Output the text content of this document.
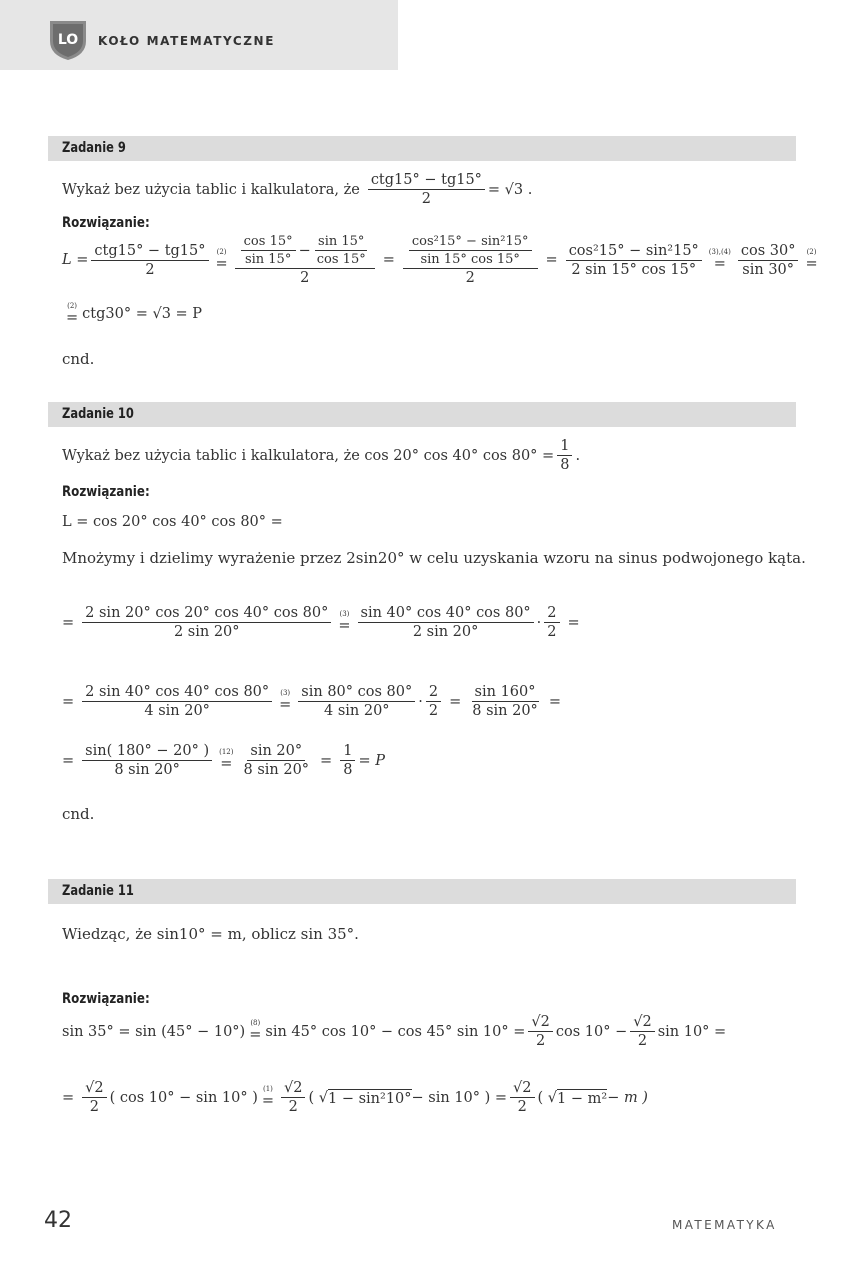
LO KOŁO MATEMATYCZNE
Zadanie 9
Wykaż bez użycia tablic i kalkulatora, że
ctg15° − tg15°
2
= √3 .
Rozwiązanie:
L =
ctg15° − tg15°
2
(2)
= cos 15°
sin 15°
− $\frac{\sin 15^\circ}{\cos 15^\circ}$
$2 = \frac{\frac{\text{cos²15° − sin²15°}}{\sin 15^\circ \cos 15^\circ}}{2} = \frac{\text{cos²15° − sin²15°}}{2 \sin 15^\circ \cos 15^\circ} (3),(4)$
= $\frac{\cos 30^\circ}{\sin 30^\circ} (2)$
=
(2)
= ctg30° = √3 = P
cnd.
Zadanie 10
Wykaż bez użycia tablic i kalkulatora, że cos 20° cos 40° $\cos 80^\circ = \frac{1}{8}$ .
Rozwiązanie:
L = cos 20° cos 40° cos 80° =
Mnożymy i dzielimy wyrażenie przez 2sin20° w celu uzyskania wzoru na sinus podwojonego kąta.
= $\frac{2 \sin 20^\circ \cos 20^\circ \cos 40^\circ \cos 80^\circ}{2 \sin 20^\circ} (3)$
= $\frac{\sin 40^\circ \cos 40^\circ \cos 80^\circ}{2 \sin 20^\circ} \cdot \frac{2}{2}$ =
= $\frac{2 \sin 40^\circ \cos 40^\circ \cos 80^\circ}{4 \sin 20^\circ} (3)$
= $\frac{\sin 80^\circ \cos 80^\circ}{4 \sin 20^\circ} \cdot \frac{2}{2} = \frac{\sin 160^\circ}{8 \sin 20^\circ}$ =
= $\frac{\sin( 180^\circ - 20^\circ )}{8 \sin 20^\circ} (12)$
= $\frac{\sin 20^\circ}{8 \sin 20^\circ} = \frac{1}{8} = P$
cnd.
Zadanie 11
Wiedząc, że sin10° = m, oblicz sin 35°.
Rozwiązanie:
sin 35° = sin (45° − 10°)
(8)
= sin 45° cos 10° − cos 45° $\sin 10^\circ = \frac{√2}{2}$ $\cos 10^\circ - \frac{√2}{2}$ sin 10° =
= $\frac{√2}{2}$ ( cos 10° − sin 10° )
(1)
= $\frac{√2}{2}$ ( √ 1 − sin²10° − sin 10° ) = $\frac{√2}{2}$ ( √ 1 − m² − m )
42	MATEMATYKA
